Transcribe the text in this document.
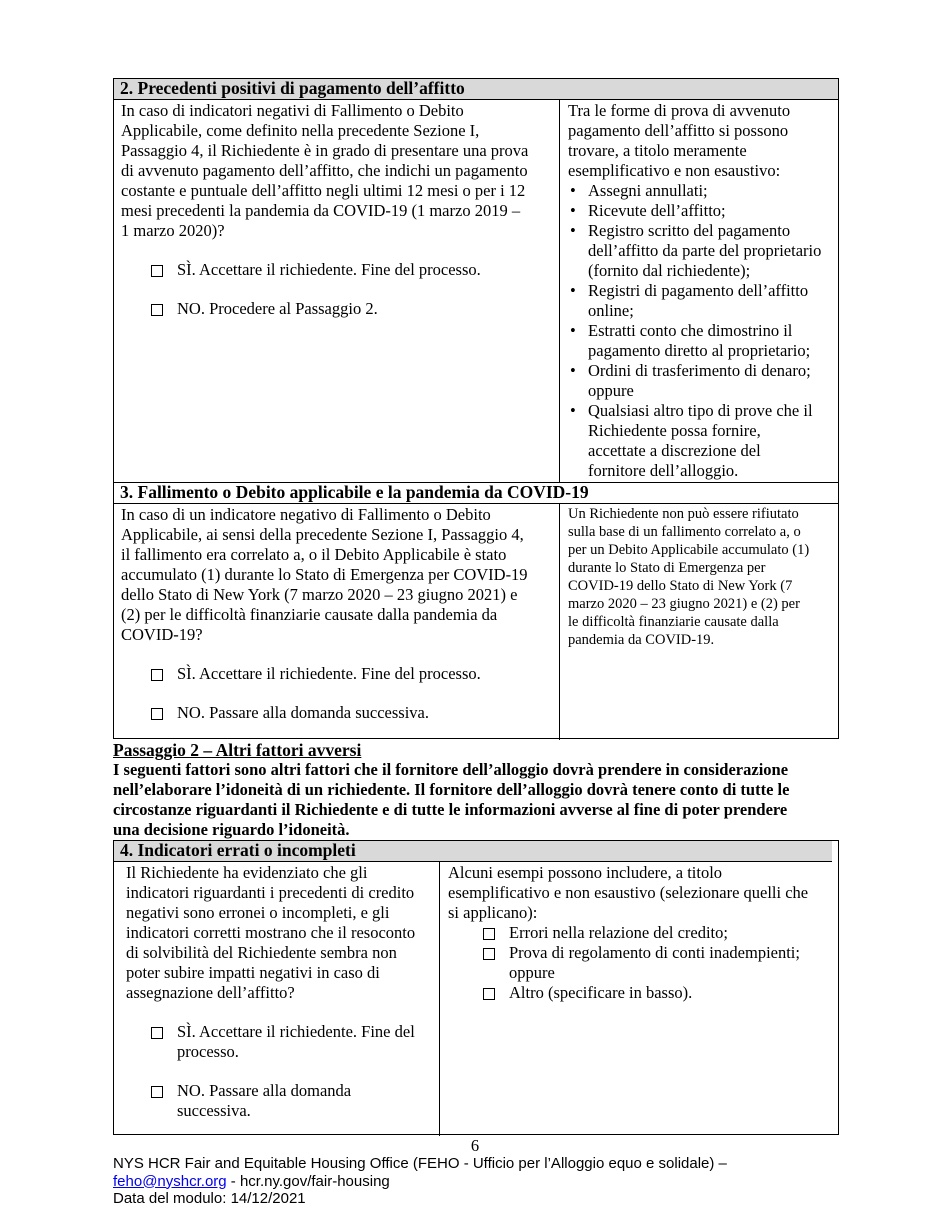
2. Precedenti positivi di pagamento dell’affitto
In caso di indicatori negativi di Fallimento o Debito
Applicabile, come definito nella precedente Sezione I,
Passaggio 4, il Richiedente è in grado di presentare una prova
di avvenuto pagamento dell’affitto, che indichi un pagamento
costante e puntuale dell’affitto negli ultimi 12 mesi o per i 12
mesi precedenti la pandemia da COVID-19 (1 marzo 2019 –
1 marzo 2020)?
SÌ. Accettare il richiedente. Fine del processo.
NO. Procedere al Passaggio 2.
Tra le forme di prova di avvenuto
pagamento dell’affitto si possono
trovare, a titolo meramente
esemplificativo e non esaustivo:
• Assegni annullati;
• Ricevute dell’affitto;
• Registro scritto del pagamento
dell’affitto da parte del proprietario
(fornito dal richiedente);
• Registri di pagamento dell’affitto
online;
• Estratti conto che dimostrino il
pagamento diretto al proprietario;
• Ordini di trasferimento di denaro;
oppure
• Qualsiasi altro tipo di prove che il
Richiedente possa fornire,
accettate a discrezione del
fornitore dell’alloggio.
3. Fallimento o Debito applicabile e la pandemia da COVID-19
In caso di un indicatore negativo di Fallimento o Debito
Applicabile, ai sensi della precedente Sezione I, Passaggio 4,
il fallimento era correlato a, o il Debito Applicabile è stato
accumulato (1) durante lo Stato di Emergenza per COVID-19
dello Stato di New York (7 marzo 2020 – 23 giugno 2021) e
(2) per le difficoltà finanziarie causate dalla pandemia da
COVID-19?
SÌ. Accettare il richiedente. Fine del processo.
NO. Passare alla domanda successiva.
Un Richiedente non può essere rifiutato
sulla base di un fallimento correlato a, o
per un Debito Applicabile accumulato (1)
durante lo Stato di Emergenza per
COVID-19 dello Stato di New York (7
marzo 2020 – 23 giugno 2021) e (2) per
le difficoltà finanziarie causate dalla
pandemia da COVID-19.
Passaggio 2 – Altri fattori avversi
I seguenti fattori sono altri fattori che il fornitore dell’alloggio dovrà prendere in considerazione
nell’elaborare l’idoneità di un richiedente. Il fornitore dell’alloggio dovrà tenere conto di tutte le
circostanze riguardanti il Richiedente e di tutte le informazioni avverse al fine di poter prendere
una decisione riguardo l’idoneità.
4. Indicatori errati o incompleti
Il Richiedente ha evidenziato che gli
indicatori riguardanti i precedenti di credito
negativi sono erronei o incompleti, e gli
indicatori corretti mostrano che il resoconto
di solvibilità del Richiedente sembra non
poter subire impatti negativi in caso di
assegnazione dell’affitto?
SÌ. Accettare il richiedente. Fine del
processo.
NO. Passare alla domanda
successiva.
Alcuni esempi possono includere, a titolo
esemplificativo e non esaustivo (selezionare quelli che
si applicano):
Errori nella relazione del credito;
Prova di regolamento di conti inadempienti;
oppure
Altro (specificare in basso).
6
NYS HCR Fair and Equitable Housing Office (FEHO - Ufficio per l’Alloggio equo e solidale) –
feho@nyshcr.org - hcr.ny.gov/fair-housing
Data del modulo: 14/12/2021
